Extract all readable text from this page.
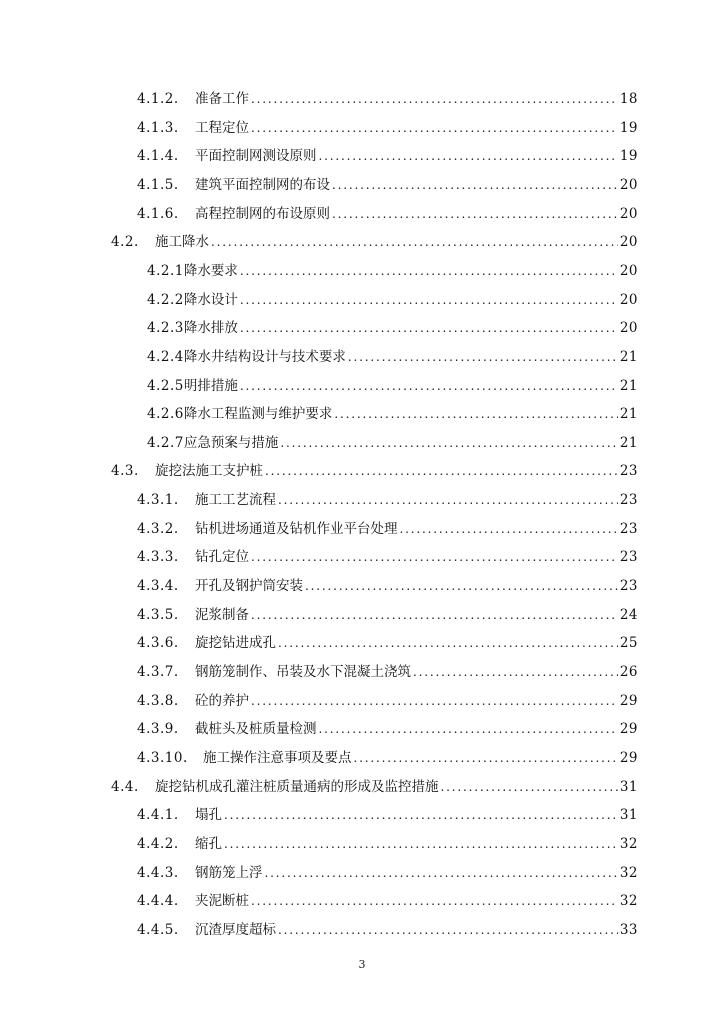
4.1.2.	准备工作 . . .	18
4.1.3.	工程定位 . . .	19
4.1.4.	平面控制网测设原则 . . .	19
4.1.5.	建筑平面控制网的布设 . . .	20
4.1.6.	高程控制网的布设原则 . . .	20
4.2.	施工降水 . . .	20
4.2.1 降水要求 . . .	20
4.2.2 降水设计 . . .	20
4.2.3 降水排放 . . .	20
4.2.4 降水井结构设计与技术要求 . . .	21
4.2.5 明排措施 . . .	21
4.2.6 降水工程监测与维护要求 . . .	21
4.2.7 应急预案与措施 . . .	21
4.3.	旋挖法施工支护桩 . . .	23
4.3.1.	施工工艺流程 . . .	23
4.3.2.	钻机进场通道及钻机作业平台处理 . . .	23
4.3.3.	钻孔定位 . . .	23
4.3.4.	开孔及钢护筒安装 . . .	23
4.3.5.	泥浆制备 . . .	24
4.3.6.	旋挖钻进成孔 . . .	25
4.3.7.	钢筋笼制作、吊装及水下混凝土浇筑 . . .	26
4.3.8.	砼的养护 . . .	29
4.3.9.	截桩头及桩质量检测 . . .	29
4.3.10.	施工操作注意事项及要点 . . .	29
4.4.	旋挖钻机成孔灌注桩质量通病的形成及监控措施 . . .	31
4.4.1.	塌孔 . . .	31
4.4.2.	缩孔 . . .	32
4.4.3.	钢筋笼上浮 . . .	32
4.4.4.	夹泥断桩 . . .	32
4.4.5.	沉渣厚度超标 . . .	33
3
